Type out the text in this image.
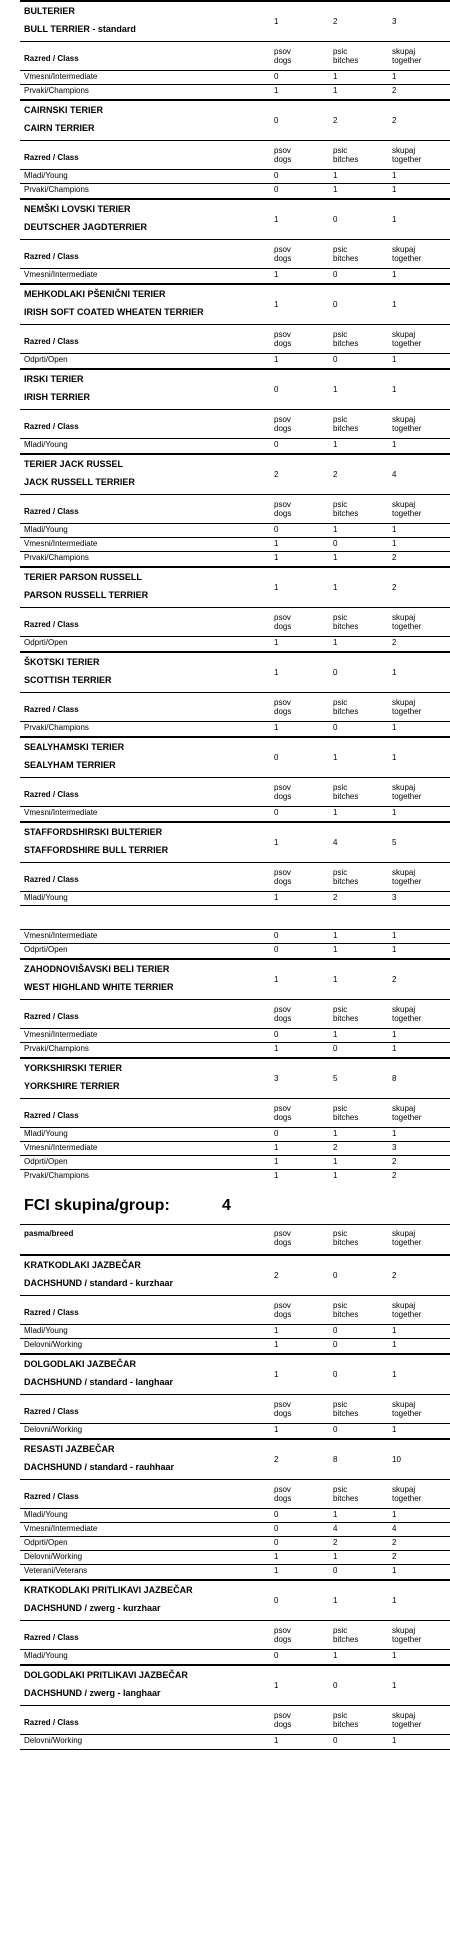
BULTERIER
BULL TERRIER - standard
1	2	3
Razred / Class
psov
dogs
psic
bitches
skupaj
together
Vmesni/Intermediate	0	1	1
Prvaki/Champions	1	1	2
CAIRNSKI TERIER
CAIRN TERRIER
0	2	2
Razred / Class
psov
dogs
psic
bitches
skupaj
together
Mladi/Young	0	1	1
Prvaki/Champions	0	1	1
NEMŠKI LOVSKI TERIER
DEUTSCHER JAGDTERRIER
1	0	1
Razred / Class
psov
dogs
psic
bitches
skupaj
together
Vmesni/Intermediate	1	0	1
MEHKODLAKI PŠENIČNI TERIER
IRISH SOFT COATED WHEATEN TERRIER
1	0	1
Razred / Class
psov
dogs
psic
bitches
skupaj
together
Odprti/Open	1	0	1
IRSKI TERIER
IRISH TERRIER
0	1	1
Razred / Class
psov
dogs
psic
bitches
skupaj
together
Mladi/Young	0	1	1
TERIER JACK RUSSEL
JACK RUSSELL TERRIER
2	2	4
Razred / Class
psov
dogs
psic
bitches
skupaj
together
Mladi/Young	0	1	1
Vmesni/Intermediate	1	0	1
Prvaki/Champions	1	1	2
TERIER PARSON RUSSELL
PARSON RUSSELL TERRIER
1	1	2
Razred / Class
psov
dogs
psic
bitches
skupaj
together
Odprti/Open	1	1	2
ŠKOTSKI TERIER
SCOTTISH TERRIER
1	0	1
Razred / Class
psov
dogs
psic
bitches
skupaj
together
Prvaki/Champions	1	0	1
SEALYHAMSKI TERIER
SEALYHAM TERRIER
0	1	1
Razred / Class
psov
dogs
psic
bitches
skupaj
together
Vmesni/Intermediate	0	1	1
STAFFORDSHIRSKI BULTERIER
STAFFORDSHIRE BULL TERRIER
1	4	5
Razred / Class
psov
dogs
psic
bitches
skupaj
together
Mladi/Young	1	2	3
Vmesni/Intermediate	0	1	1
Odprti/Open	0	1	1
ZAHODNOVIŠAVSKI BELI TERIER
WEST HIGHLAND WHITE TERRIER
1	1	2
Razred / Class
psov
dogs
psic
bitches
skupaj
together
Vmesni/Intermediate	0	1	1
Prvaki/Champions	1	0	1
YORKSHIRSKI TERIER
YORKSHIRE TERRIER
3	5	8
Razred / Class
psov
dogs
psic
bitches
skupaj
together
Mladi/Young	0	1	1
Vmesni/Intermediate	1	2	3
Odprti/Open	1	1	2
Prvaki/Champions	1	1	2
FCI skupina/group:	4
pasma/breed	psov
dogs
psic
bitches
skupaj
together
KRATKODLAKI JAZBEČAR
DACHSHUND / standard - kurzhaar
2	0	2
Razred / Class
psov
dogs
psic
bitches
skupaj
together
Mladi/Young	1	0	1
Delovni/Working	1	0	1
DOLGODLAKI JAZBEČAR
DACHSHUND / standard - langhaar
1	0	1
Razred / Class
psov
dogs
psic
bitches
skupaj
together
Delovni/Working	1	0	1
RESASTI JAZBEČAR
DACHSHUND / standard - rauhhaar
2	8	10
Razred / Class
psov
dogs
psic
bitches
skupaj
together
Mladi/Young	0	1	1
Vmesni/Intermediate	0	4	4
Odprti/Open	0	2	2
Delovni/Working	1	1	2
Veterani/Veterans	1	0	1
KRATKODLAKI PRITLIKAVI JAZBEČAR
DACHSHUND / zwerg - kurzhaar
0	1	1
Razred / Class
psov
dogs
psic
bitches
skupaj
together
Mladi/Young	0	1	1
DOLGODLAKI PRITLIKAVI JAZBEČAR
DACHSHUND / zwerg - langhaar
1	0	1
Razred / Class
psov
dogs
psic
bitches
skupaj
together
Delovni/Working	1	0	1
